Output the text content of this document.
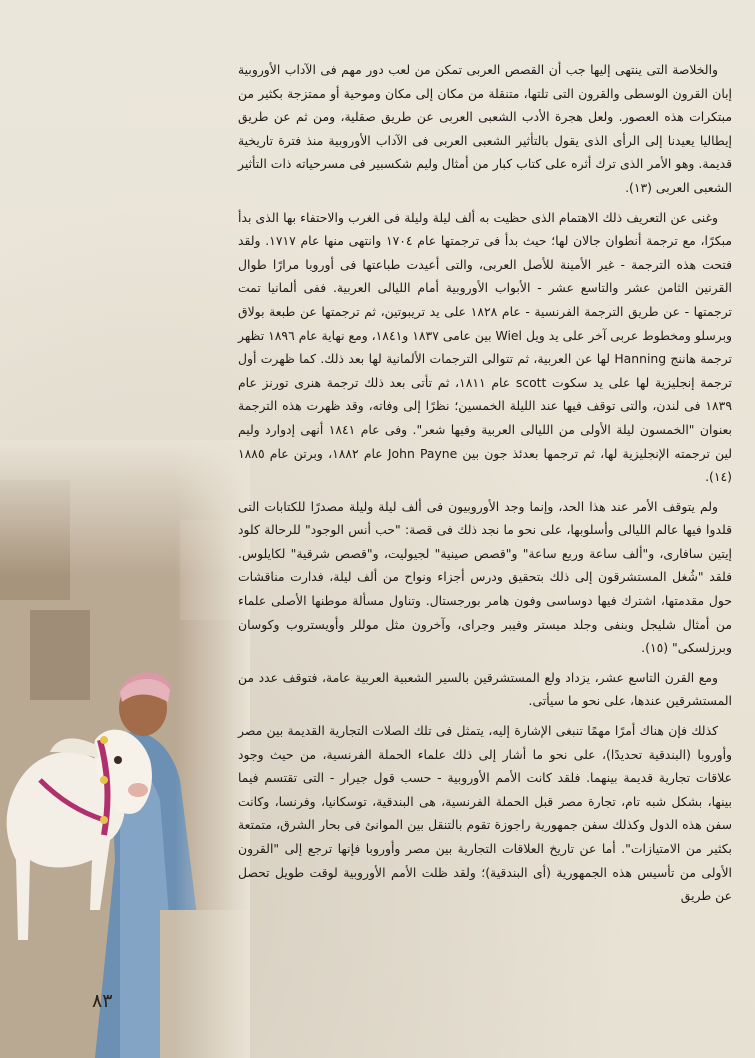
والخلاصة التى ينتهى إليها جب أن القصص العربى تمكن من لعب دور مهم فى الآداب الأوروبية إبان القرون الوسطى والقرون التى تلتها، متنقلة من مكان إلى مكان وموحية أو ممتزجة بكثير من مبتكرات هذه العصور. ولعل هجرة الأدب الشعبى العربى عن طريق صقلية، ومن ثم عن طريق إيطاليا يعيدنا إلى الرأى الذى يقول بالتأثير الشعبى العربى فى الآداب الأوروبية منذ فترة تاريخية قديمة. وهو الأمر الذى ترك أثره على كتاب كبار من أمثال وليم شكسبير فى مسرحياته ذات التأثير الشعبى العربى (١٣).

وغنى عن التعريف ذلك الاهتمام الذى حظيت به ألف ليلة وليلة فى الغرب والاحتفاء بها الذى بدأ مبكرًا، مع ترجمة أنطوان جالان لها؛ حيث بدأ فى ترجمتها عام ١٧٠٤ وانتهى منها عام ١٧١٧. ولقد فتحت هذه الترجمة - غير الأمينة للأصل العربى، والتى أعيدت طباعتها فى أوروبا مرارًا طوال القرنين الثامن عشر والتاسع عشر - الأبواب الأوروبية أمام الليالى العربية. ففى ألمانيا تمت ترجمتها - عن طريق الترجمة الفرنسية - عام ١٨٢٨ على يد تريبوتين، ثم ترجمتها عن طبعة بولاق وبرسلو ومخطوط عربى آخر على يد ويل Wiel بين عامى ١٨٣٧ و١٨٤١، ومع نهاية عام ١٨٩٦ تظهر ترجمة هاننج Hanning لها عن العربية، ثم تتوالى الترجمات الألمانية لها بعد ذلك. كما ظهرت أول ترجمة إنجليزية لها على يد سكوت scott عام ١٨١١، ثم تأتى بعد ذلك ترجمة هنرى تورنز عام ١٨٣٩ فى لندن، والتى توقف فيها عند الليلة الخمسين؛ نظرًا إلى وفاته، وقد ظهرت هذه الترجمة بعنوان "الخمسون ليلة الأولى من الليالى العربية وفيها شعر". وفى عام ١٨٤١ أنهى إدوارد وليم لين ترجمته الإنجليزية لها، ثم ترجمها بعدئذ جون بين John Payne عام ١٨٨٢، وبرتن عام ١٨٨٥ (١٤).

ولم يتوقف الأمر عند هذا الحد، وإنما وجد الأوروبيون فى ألف ليلة وليلة مصدرًا للكتابات التى قلدوا فيها عالم الليالى وأسلوبها، على نحو ما نجد ذلك فى قصة: "حب أنس الوجود" للرحالة كلود إيتين سافارى، و"ألف ساعة وربع ساعة" و"قصص صينية" لجيوليت، و"قصص شرقية" لكايلوس. فلقد "شُغل المستشرقون إلى ذلك بتحقيق ودرس أجزاء ونواح من ألف ليلة، فدارت مناقشات حول مقدمتها، اشترك فيها دوساسى وفون هامر بورجستال. وتناول مسألة موطنها الأصلى علماء من أمثال شليجل وبنفى وجلد ميستر وفيبر وجراى، وآخرون مثل موللر وأويستروب وكوسان وبرزلسكى" (١٥).

ومع القرن التاسع عشر، يزداد ولع المستشرقين بالسير الشعبية العربية عامة، فتوقف عدد من المستشرقين عندها، على نحو ما سيأتى.

كذلك فإن هناك أمرًا مهمًا تنبغى الإشارة إليه، يتمثل فى تلك الصلات التجارية القديمة بين مصر وأوروبا (البندقية تحديدًا)، على نحو ما أشار إلى ذلك علماء الحملة الفرنسية، من حيث وجود علاقات تجارية قديمة بينهما. فلقد كانت الأمم الأوروبية - حسب قول جيرار - التى تقتسم فيما بينها، بشكل شبه تام، تجارة مصر قبل الحملة الفرنسية، هى البندقية، توسكانيا، وفرنسا، وكانت سفن هذه الدول وكذلك سفن جمهورية راجوزة تقوم بالتنقل بين الموانئ فى بحار الشرق، متمتعة بكثير من الامتيازات". أما عن تاريخ العلاقات التجارية بين مصر وأوروبا فإنها ترجع إلى "القرون الأولى من تأسيس هذه الجمهورية (أى البندقية)؛ ولقد ظلت الأمم الأوروبية لوقت طويل تحصل عن طريق

٨٣
